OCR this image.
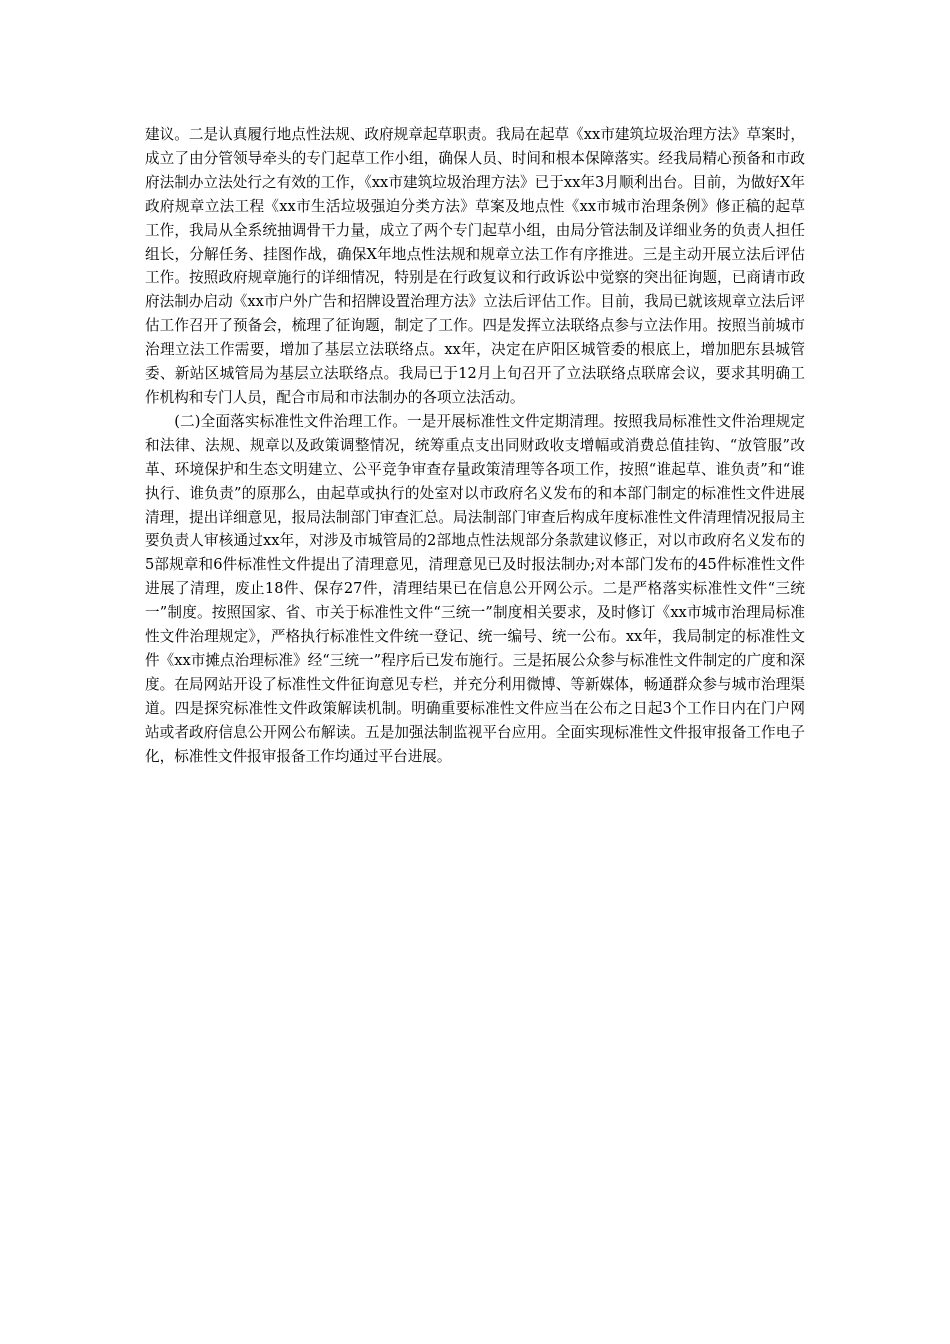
建议。二是认真履行地点性法规、政府规章起草职责。我局在起草《xx市建筑垃圾治理方法》草案时，成立了由分管领导牵头的专门起草工作小组，确保人员、时间和根本保障落实。经我局精心预备和市政府法制办立法处行之有效的工作，《xx市建筑垃圾治理方法》已于xx年3月顺利出台。目前，为做好X年政府规章立法工程《xx市生活垃圾强迫分类方法》草案及地点性《xx市城市治理条例》修正稿的起草工作，我局从全系统抽调骨干力量，成立了两个专门起草小组，由局分管法制及详细业务的负责人担任组长，分解任务、挂图作战，确保X年地点性法规和规章立法工作有序推进。三是主动开展立法后评估工作。按照政府规章施行的详细情况，特别是在行政复议和行政诉讼中觉察的突出征询题，已商请市政府法制办启动《xx市户外广告和招牌设置治理方法》立法后评估工作。目前，我局已就该规章立法后评估工作召开了预备会，梳理了征询题，制定了工作。四是发挥立法联络点参与立法作用。按照当前城市治理立法工作需要，增加了基层立法联络点。xx年，决定在庐阳区城管委的根底上，增加肥东县城管委、新站区城管局为基层立法联络点。我局已于12月上旬召开了立法联络点联席会议，要求其明确工作机构和专门人员，配合市局和市法制办的各项立法活动。

(二)全面落实标准性文件治理工作。一是开展标准性文件定期清理。按照我局标准性文件治理规定和法律、法规、规章以及政策调整情况，统筹重点支出同财政收支增幅或消费总值挂钩、“放管服”改革、环境保护和生态文明建立、公平竞争审查存量政策清理等各项工作，按照“谁起草、谁负责”和“谁执行、谁负责”的原那么，由起草或执行的处室对以市政府名义发布的和本部门制定的标准性文件进展清理，提出详细意见，报局法制部门审查汇总。局法制部门审查后构成年度标准性文件清理情况报局主要负责人审核通过xx年，对涉及市城管局的2部地点性法规部分条款建议修正，对以市政府名义发布的5部规章和6件标准性文件提出了清理意见，清理意见已及时报法制办;对本部门发布的45件标准性文件进展了清理，废止18件、保存27件，清理结果已在信息公开网公示。二是严格落实标准性文件“三统一”制度。按照国家、省、市关于标准性文件“三统一”制度相关要求，及时修订《xx市城市治理局标准性文件治理规定》，严格执行标准性文件统一登记、统一编号、统一公布。xx年，我局制定的标准性文件《xx市摊点治理标准》经“三统一”程序后已发布施行。三是拓展公众参与标准性文件制定的广度和深度。在局网站开设了标准性文件征询意见专栏，并充分利用微博、等新媒体，畅通群众参与城市治理渠道。四是探究标准性文件政策解读机制。明确重要标准性文件应当在公布之日起3个工作日内在门户网站或者政府信息公开网公布解读。五是加强法制监视平台应用。全面实现标准性文件报审报备工作电子化，标准性文件报审报备工作均通过平台进展。
